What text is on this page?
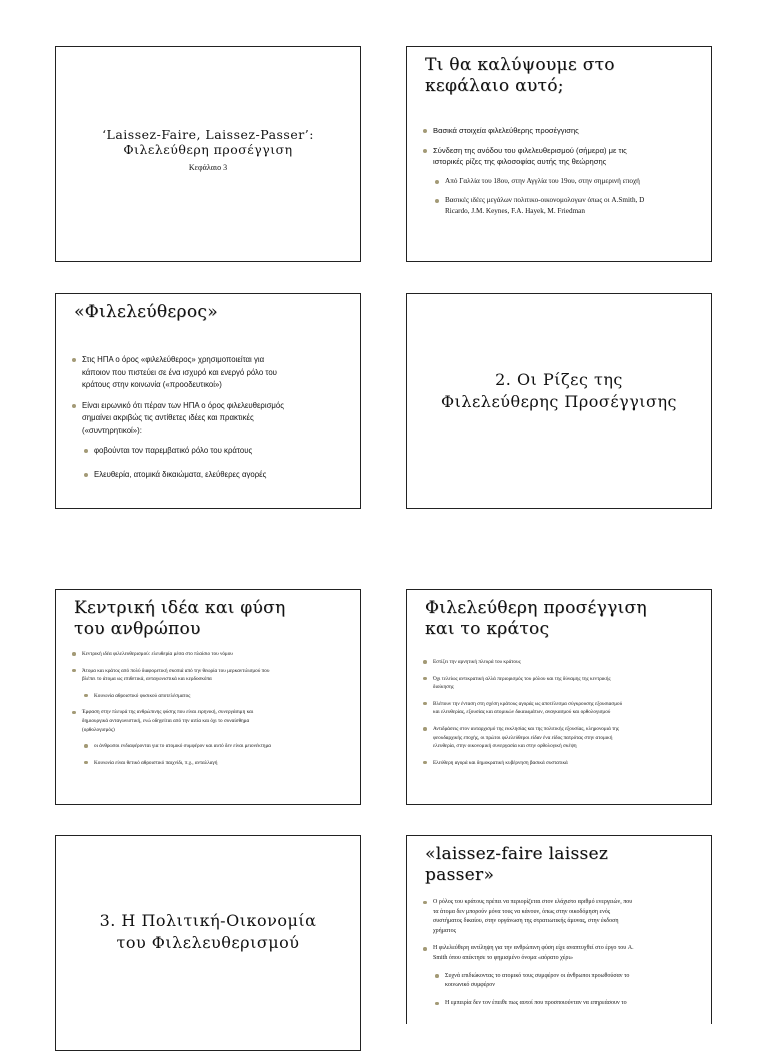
‘Laissez-Faire, Laissez-Passer’:
Φιλελεύθερη προσέγγιση
Κεφάλαιο 3
Τι θα καλύψουμε στο
κεφάλαιο αυτό;
Βασικά στοιχεία φιλελεύθερης προσέγγισης
Σύνδεση της ανόδου του φιλελευθερισμού (σήμερα) με τις
ιστορικές ρίζες της φιλοσοφίας αυτής της θεώρησης
Από Γαλλία του 18ου, στην Αγγλία του 19ου, στην σημερινή εποχή
Βασικές ιδέες μεγάλων πολιτικο-οικονομολογων όπως οι A.Smith, D
Ricardo, J.M. Keynes, F.A. Hayek, M. Friedman
«Φιλελεύθερος»
Στις ΗΠΑ ο όρος «φιλελεύθερος» χρησιμοποιείται για
κάποιον που πιστεύει σε ένα ισχυρό και ενεργό ρόλο του
κράτους στην κοινωνία («προοδευτικοί»)
Είναι ειρωνικό ότι πέραν των ΗΠΑ ο όρος φιλελευθερισμός
σημαίνει ακριβώς τις αντίθετες ιδέες και πρακτικές
(«συντηρητικοί»):
φοβούνται τον παρεμβατικό ρόλο του κράτους
Ελευθερία, ατομικά δικαιώματα, ελεύθερες αγορές
2. Οι Ρίζες της
Φιλελεύθερης Προσέγγισης
Κεντρική ιδέα και φύση
του ανθρώπου
Κεντρική ιδέα φιλελευθερισμού: ελευθερία μέσα στο πλαίσιο του νόμου
Άτομα και κράτος από πολύ διαφορετική σκοπιά από την θεωρία του μερκαντιλισμού που
βλέπει το άτομα ως επιθετικά, ανταγωνιστικά και κερδοσκόπα
Κοινωνία αθροιστικό φυσικού αποτελέσματος
Έμφαση στην πλευρά της ανθρώπινης φύσης που είναι ειρηνική, συνεργάσιμη και
δημιουργικά ανταγωνιστική, ενώ οδηγείται από την αιτία και όχι το συναίσθημα
(ορθολογισμός)
οι άνθρωποι ενδιαφέρονται για το ατομικό συμφέρον και αυτό δεν είναι μειονέκτημα
Κοινωνία είναι θετικό αθροιστικό παιχνίδι, π.χ., ανταλλαγή
Φιλελεύθερη προσέγγιση
και το κράτος
Εστίζει την αρνητική πλευρά του κράτους
Όχι τελείως αντικρατική αλλά περιορισμός του ρόλου και της δύναμης της κεντρικής
διοίκησης
Βλέπουν την ένταση στη σχέση κράτους αγοράς ως αποτέλεσμα σύγκρουσης εξουσιασμού
και ελευθερίας, εξουσίας και ατομικών δικαιωμάτων, αναγκασμού και ορθολογισμού
Αντιδράσεις στον αυταρχισμό της εκκλησίας και της πολιτικής εξουσίας, κληρονομιά της
φεουδαρχικής εποχής, οι πρώτοι φιλελεύθεροι είδαν ένα είδος πατρότας στην ατομική
ελευθερία, στην οικονομική συνεργασία και στην ορθολογική σκέψη
Ελεύθερη αγορά και δημοκρατική κυβέρνηση βασικά συστατικά
3. Η Πολιτική-Οικονομία
του Φιλελευθερισμού
«laissez-faire laissez
passer»
Ο ρόλος του κράτους πρέπει να περιορίζεται στον ελάχιστο αριθμό ενεργειών, που
τα άτομα δεν μπορούν μόνα τους να κάνουν, όπως στην οικοδόμηση ενός
συστήματος δικαίου, στην οργάνωση της στρατιωτικής άμυνας, στην έκδοση
χρήματος
Η φιλελεύθερη αντίληψη για την ανθρώπινη φύση είχε αναπτυχθεί στο έργο του A.
Smith όπου απέκτησε το φημισμένο όνομα «αόρατο χέρι»
Συχνά επιδιώκοντας το ατομικό τους συμφέρον οι άνθρωποι προωθούσαν το
κοινωνικό συμφέρον
Η εμπειρία δεν τον έπειθε πως αυτοί που προσποιούνταν να επηρεάσουν το
